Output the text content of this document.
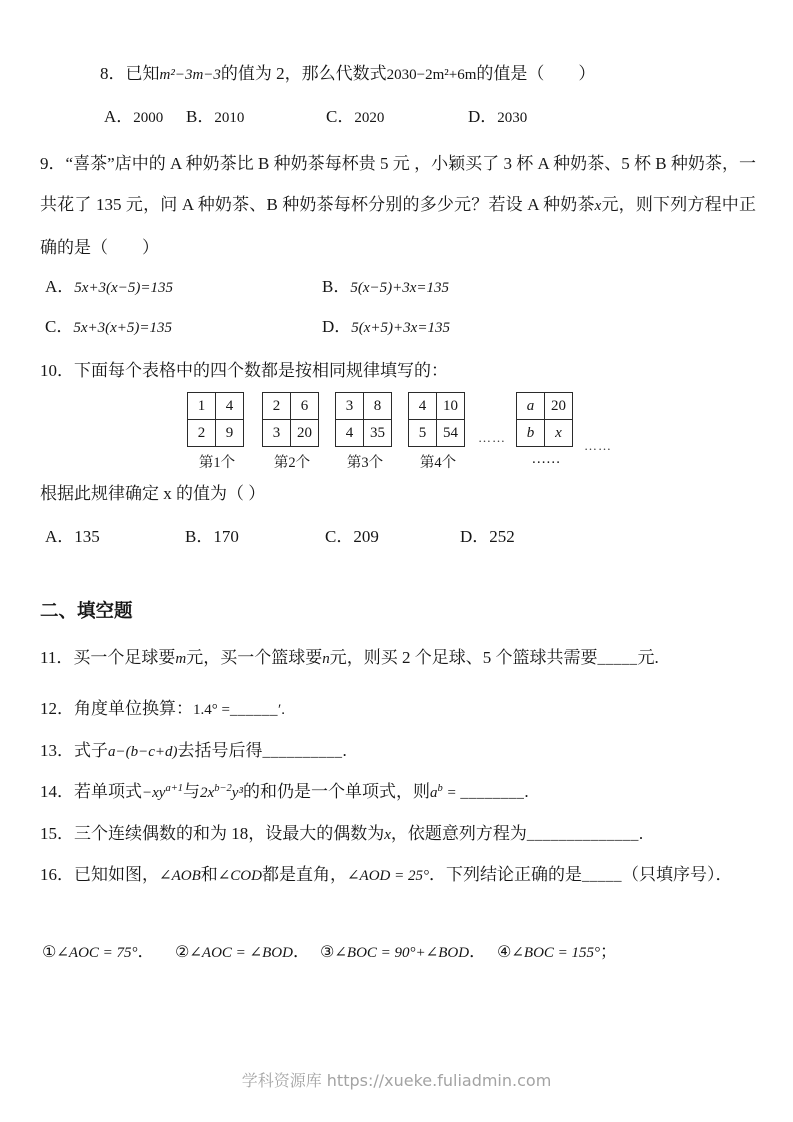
8．已知m²−3m−3的值为 2，那么代数式2030−2m²+6m的值是（　　）
A．2000 B．2010	C．2020	D．2030
9．“喜茶”店中的 A 种奶茶比 B 种奶茶每杯贵 5 元 ，小颖买了 3 杯 A 种奶茶、5 杯 B 种奶茶，一共花了 135 元，问 A 种奶茶、B 种奶茶每杯分别的多少元？若设 A 种奶茶x元，则下列方程中正确的是（　　）
A．5x+3(x−5)=135	B．5(x−5)+3x=135
C．5x+3(x+5)=135	D．5(x+5)+3x=135
10．下面每个表格中的四个数都是按相同规律填写的：
1	4
2	9
2	6
3	20
3	8
4	35
4	10
5	54 ……
a	20
b	x
……
第1个	第2个	第3个	第4个	……
根据此规律确定 x 的值为（ ）
A．135	B．170	C．209	D．252
二、填空题
11．买一个足球要m元，买一个篮球要n元，则买 2 个足球、5 个篮球共需要_____元.
12．角度单位换算：1.4° =______′.
13．式子a−(b−c+d)去括号后得__________.
14．若单项式$-xy^{a+1}$与$2x^{b-2}y^3$的和仍是一个单项式，则$a^b$ = ________.
15．三个连续偶数的和为 18，设最大的偶数为x，依题意列方程为______________.
16．已知如图，∠AOB和∠COD都是直角，∠AOD = 25°．下列结论正确的是_____（只填序号）．
①∠AOC = 75°． ②∠AOC = ∠BOD． ③∠BOC = 90°+∠BOD． ④∠BOC = 155°；
学科资源库 https://xueke.fuliadmin.com
